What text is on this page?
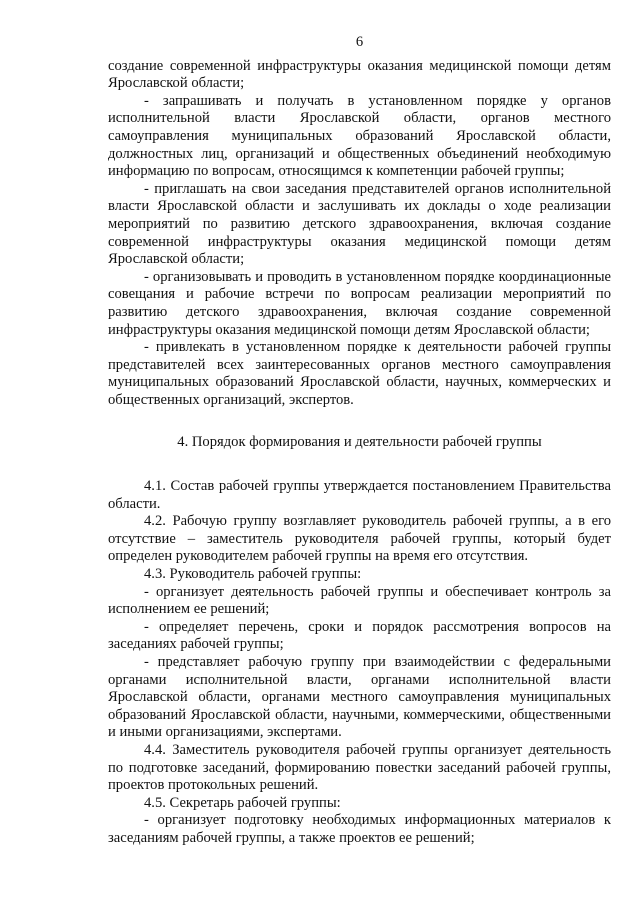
6

создание современной инфраструктуры оказания медицинской помощи детям Ярославской области;

- запрашивать и получать в установленном порядке у органов исполнительной власти Ярославской области, органов местного самоуправления муниципальных образований Ярославской области, должностных лиц, организаций и общественных объединений необходимую информацию по вопросам, относящимся к компетенции рабочей группы;

- приглашать на свои заседания представителей органов исполнительной власти Ярославской области и заслушивать их доклады о ходе реализации мероприятий по развитию детского здравоохранения, включая создание современной инфраструктуры оказания медицинской помощи детям Ярославской области;

- организовывать и проводить в установленном порядке координационные совещания и рабочие встречи по вопросам реализации мероприятий по развитию детского здравоохранения, включая создание современной инфраструктуры оказания медицинской помощи детям Ярославской области;

- привлекать в установленном порядке к деятельности рабочей группы представителей всех заинтересованных органов местного самоуправления муниципальных образований Ярославской области, научных, коммерческих и общественных организаций, экспертов.

4. Порядок формирования и деятельности рабочей группы

4.1. Состав рабочей группы утверждается постановлением Правительства области.

4.2. Рабочую группу возглавляет руководитель рабочей группы, а в его отсутствие – заместитель руководителя рабочей группы, который будет определен руководителем рабочей группы на время его отсутствия.

4.3. Руководитель рабочей группы:

- организует деятельность рабочей группы и обеспечивает контроль за исполнением ее решений;

- определяет перечень, сроки и порядок рассмотрения вопросов на заседаниях рабочей группы;

- представляет рабочую группу при взаимодействии с федеральными органами исполнительной власти, органами исполнительной власти Ярославской области, органами местного самоуправления муниципальных образований Ярославской области, научными, коммерческими, общественными и иными организациями, экспертами.

4.4. Заместитель руководителя рабочей группы организует деятельность по подготовке заседаний, формированию повестки заседаний рабочей группы, проектов протокольных решений.

4.5. Секретарь рабочей группы:

- организует подготовку необходимых информационных материалов к заседаниям рабочей группы, а также проектов ее решений;
